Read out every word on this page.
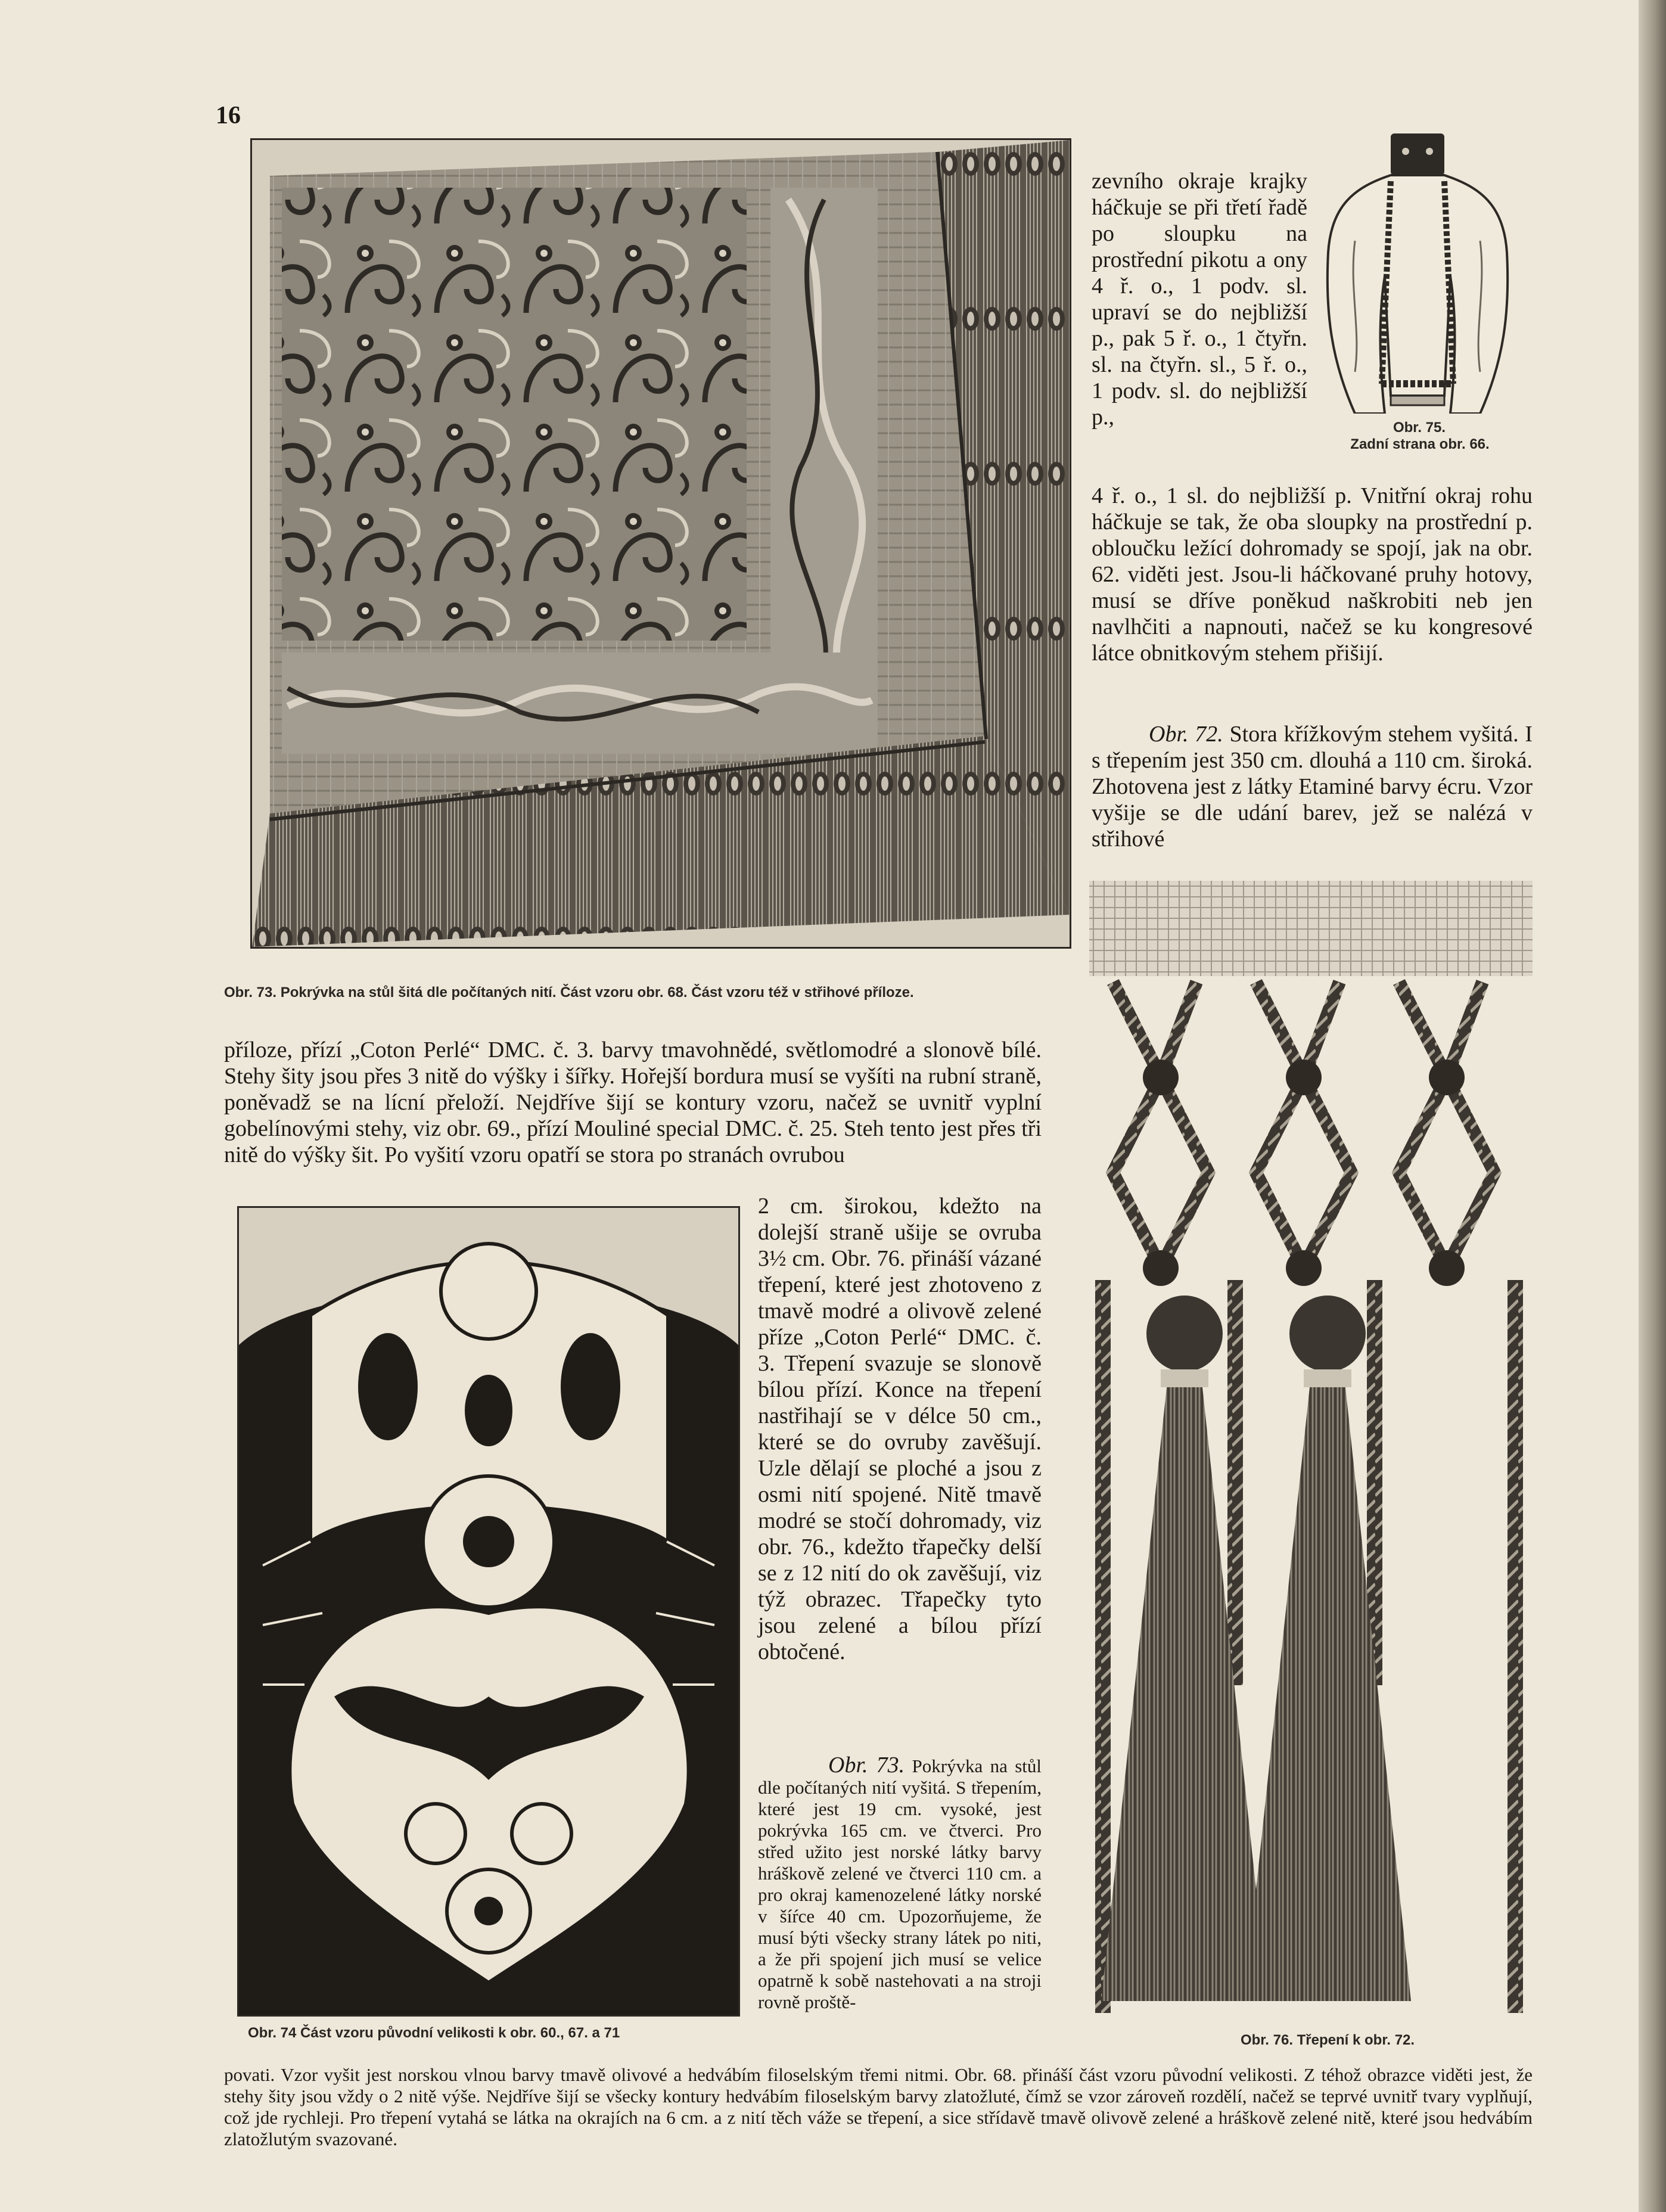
16
Obr. 73. Pokrývka na stůl šitá dle počítaných nití. Část vzoru obr. 68. Část vzoru též v střihové příloze.
Obr. 75.
Zadní strana obr. 66.
zevního okraje krajky háčkuje se při třetí řadě po sloupku na prostřední pikotu a ony 4 ř. o., 1 podv. sl. upraví se do nejbližší p., pak 5 ř. o., 1 čtyřn. sl. na čtyřn. sl., 5 ř. o., 1 podv. sl. do nejbližší p.,
4 ř. o., 1 sl. do nejbližší p. Vnitřní okraj rohu háčkuje se tak, že oba sloupky na prostřední p. obloučku ležící dohromady se spojí, jak na obr. 62. viděti jest. Jsou-li háčkované pruhy hotovy, musí se dříve poněkud naškrobiti neb jen navlhčiti a napnouti, načež se ku kongresové látce obnitkovým stehem přišijí.
Obr. 72. Stora křížkovým stehem vyšitá. I s třepením jest 350 cm. dlouhá a 110 cm. široká. Zhotovena jest z látky Etaminé barvy écru. Vzor vyšije se dle udání barev, jež se nalézá v střihové
Obr. 76. Třepení k obr. 72.
příloze, přízí „Coton Perlé“ DMC. č. 3. barvy tmavohnědé, světlomodré a slonově bílé. Stehy šity jsou přes 3 nitě do výšky i šířky. Hořejší bordura musí se vyšíti na rubní straně, poněvadž se na lícní přeloží. Nejdříve šijí se kontury vzoru, načež se uvnitř vyplní gobelínovými stehy, viz obr. 69., přízí Mouliné special DMC. č. 25. Steh tento jest přes tři nitě do výšky šit. Po vyšití vzoru opatří se stora po stranách ovrubou
Obr. 74 Část vzoru původní velikosti k obr. 60., 67. a 71
2 cm. širokou, kdežto na dolejší straně ušije se ovruba 3½ cm. Obr. 76. přináší vázané třepení, které jest zhotoveno z tmavě modré a olivově zelené příze „Coton Perlé“ DMC. č. 3. Třepení svazuje se slonově bílou přízí. Konce na třepení nastřihají se v délce 50 cm., které se do ovruby zavěšují. Uzle dělají se ploché a jsou z osmi nití spojené. Nitě tmavě modré se stočí dohromady, viz obr. 76., kdežto třapečky delší se z 12 nití do ok zavěšují, viz týž obrazec. Třapečky tyto jsou zelené a bílou přízí obtočené.
Obr. 73. Pokrývka na stůl dle počítaných nití vyšitá. S třepením, které jest 19 cm. vysoké, jest pokrývka 165 cm. ve čtverci. Pro střed užito jest norské látky barvy hráškově zelené ve čtverci 110 cm. a pro okraj kamenozelené látky norské v šíŕce 40 cm. Upozorňujeme, že musí býti všecky strany látek po niti, a že při spojení jich musí se velice opatrně k sobě nastehovati a na stroji rovně proště-
povati. Vzor vyšit jest norskou vlnou barvy tmavě olivové a hedvábím filoselským třemi nitmi. Obr. 68. přináší část vzoru původní velikosti. Z téhož obrazce viděti jest, že stehy šity jsou vždy o 2 nitě výše. Nejdříve šijí se všecky kontury hedvábím filoselským barvy zlatožluté, čímž se vzor zároveň rozdělí, načež se teprvé uvnitř tvary vyplňují, což jde rychleji. Pro třepení vytahá se látka na okrajích na 6 cm. a z nití těch váže se třepení, a sice střídavě tmavě olivově zelené a hráškově zelené nitě, které jsou hedvábím zlatožlutým svazované.
